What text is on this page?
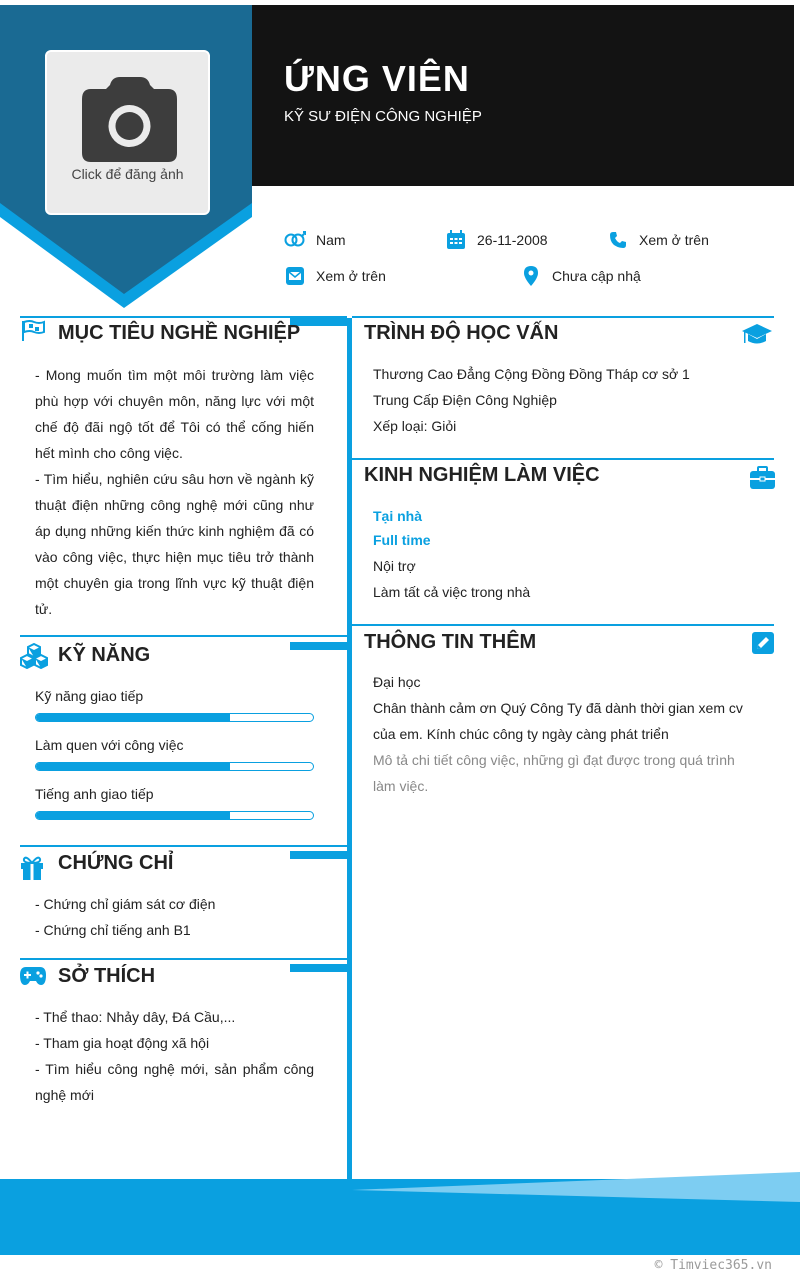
Click để đăng ảnh
ỨNG VIÊN
KỸ SƯ ĐIỆN CÔNG NGHIỆP
Nam	26-11-2008	Xem ở trên
Xem ở trên	Chưa cập nhậ
MỤC TIÊU NGHỀ NGHIỆP

- Mong muốn tìm một môi trường làm việc phù hợp với chuyên môn, năng lực với một chế độ đãi ngộ tốt để Tôi có thể cống hiến hết mình cho công việc.

- Tìm hiểu, nghiên cứu sâu hơn về ngành kỹ thuật điện những công nghệ mới cũng như áp dụng những kiến thức kinh nghiệm đã có vào công việc, thực hiện mục tiêu trở thành một chuyên gia trong lĩnh vực kỹ thuật điện tử.

KỸ NĂNG
Kỹ năng giao tiếp
Làm quen với công việc
Tiếng anh giao tiếp
CHỨNG CHỈ

- Chứng chỉ giám sát cơ điện

- Chứng chỉ tiếng anh B1

SỞ THÍCH

- Thể thao: Nhảy dây, Đá Cầu,...

- Tham gia hoạt động xã hội

- Tìm hiểu công nghệ mới, sản phẩm công nghệ mới

TRÌNH ĐỘ HỌC VẤN

Thương Cao Đẳng Cộng Đồng Đồng Tháp cơ sở 1

Trung Cấp Điện Công Nghiệp

Xếp loại: Giỏi

KINH NGHIỆM LÀM VIỆC

Tại nhà

Full time

Nội trợ

Làm tất cả việc trong nhà

THÔNG TIN THÊM

Đại học

Chân thành cảm ơn Quý Công Ty đã dành thời gian xem cv của em. Kính chúc công ty ngày càng phát triển

Mô tả chi tiết công việc, những gì đạt được trong quá trình làm việc.

© Timviec365.vn
